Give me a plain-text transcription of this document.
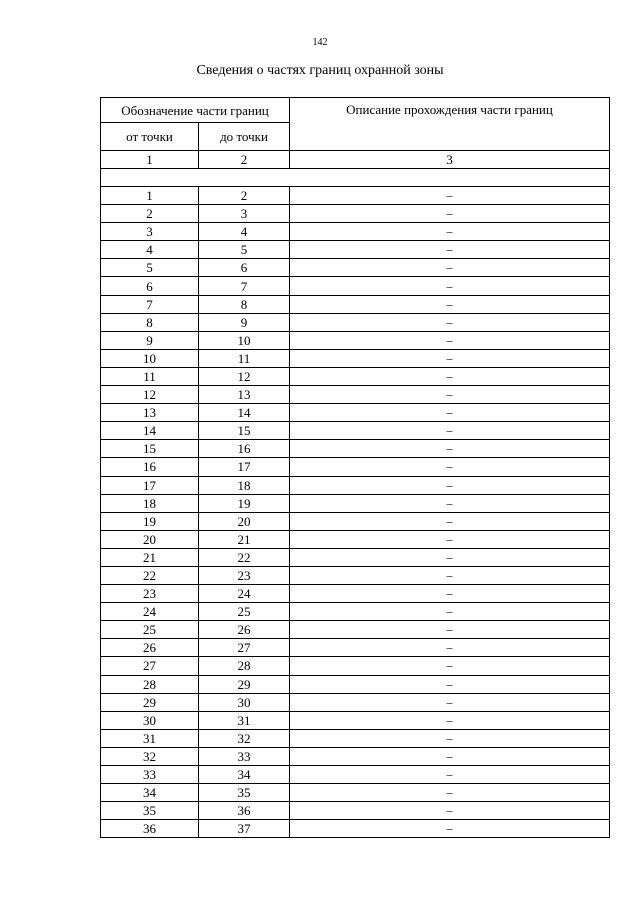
142
Сведения о частях границ охранной зоны
Обозначение части границ		Описание прохождения части границ
от точки	до точки	
1	2	3

1	2	–
2	3	–
3	4	–
4	5	–
5	6	–
6	7	–
7	8	–
8	9	–
9	10	–
10	11	–
11	12	–
12	13	–
13	14	–
14	15	–
15	16	–
16	17	–
17	18	–
18	19	–
19	20	–
20	21	–
21	22	–
22	23	–
23	24	–
24	25	–
25	26	–
26	27	–
27	28	–
28	29	–
29	30	–
30	31	–
31	32	–
32	33	–
33	34	–
34	35	–
35	36	–
36	37	–
